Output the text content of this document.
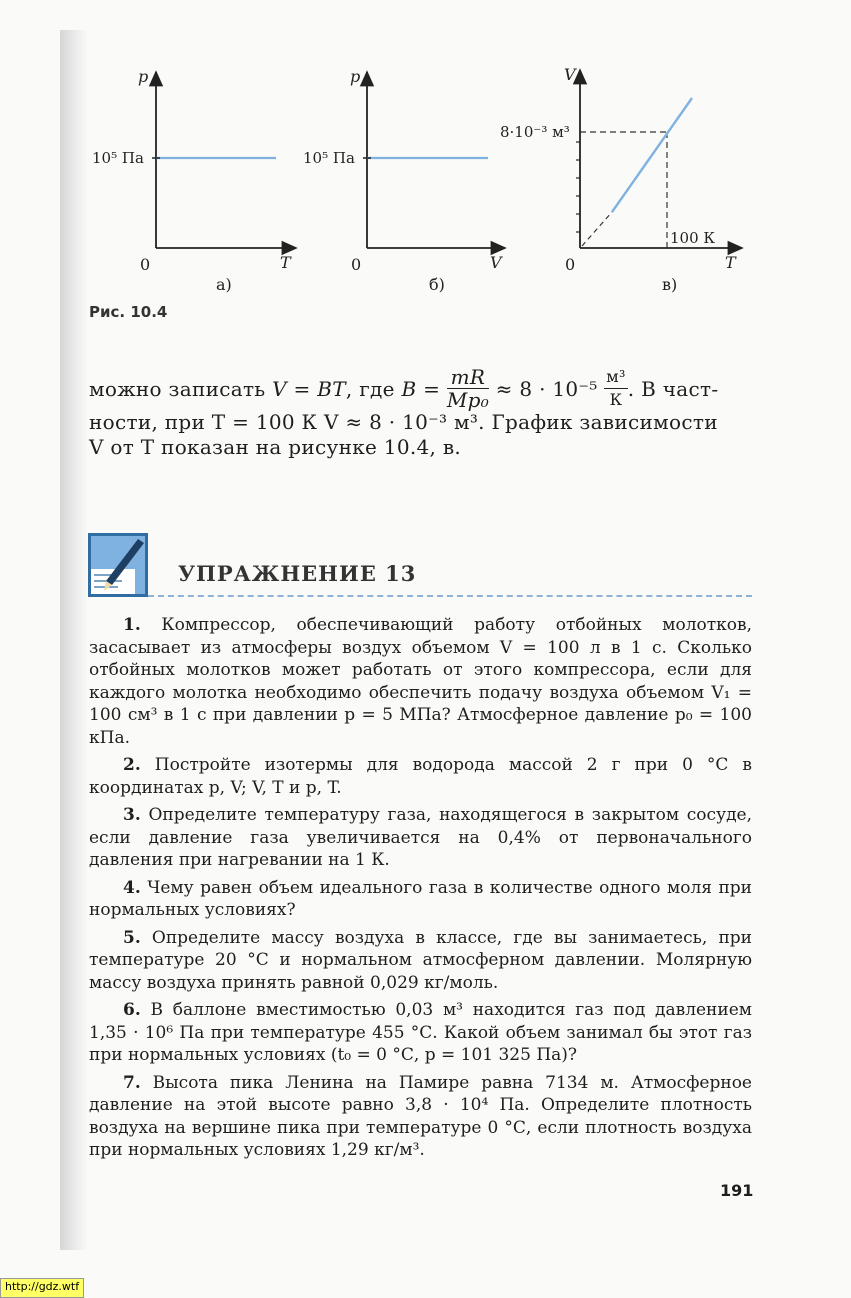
p
T
0
10⁵ Па
а)
p
V
0
10⁵ Па
б)
V
T
0
8·10⁻³ м³
100 К
в)
Рис. 10.4
можно записать V = BT, где $B = \frac{mR}{\text{Mp₀}} \approx 8 \cdot 10^{-5} \frac{\text{м³}}{К}$ . В част-
ности, при T = 100 К V ≈ 8 · 10⁻³ м³. График зависимости
V от T показан на рисунке 10.4, в.
УПРАЖНЕНИЕ 13

1. Компрессор, обеспечивающий работу отбойных молотков, засасывает из атмосферы воздух объемом V = 100 л в 1 с. Сколько отбойных молотков может работать от этого компрессора, если для каждого молотка необходимо обеспечить подачу воздуха объемом V₁ = 100 см³ в 1 с при давлении p = 5 МПа? Атмосферное давление p₀ = 100 кПа.

2. Постройте изотермы для водорода массой 2 г при 0 °С в координатах p, V; V, T и p, T.

3. Определите температуру газа, находящегося в закрытом сосуде, если давление газа увеличивается на 0,4% от первоначального давления при нагревании на 1 К.

4. Чему равен объем идеального газа в количестве одного моля при нормальных условиях?

5. Определите массу воздуха в классе, где вы занимаетесь, при температуре 20 °С и нормальном атмосферном давлении. Молярную массу воздуха принять равной 0,029 кг/моль.

6. В баллоне вместимостью 0,03 м³ находится газ под давлением 1,35 · 10⁶ Па при температуре 455 °С. Какой объем занимал бы этот газ при нормальных условиях (t₀ = 0 °С, p = 101 325 Па)?

7. Высота пика Ленина на Памире равна 7134 м. Атмосферное давление на этой высоте равно 3,8 · 10⁴ Па. Определите плотность воздуха на вершине пика при температуре 0 °С, если плотность воздуха при нормальных условиях 1,29 кг/м³.

191
http://gdz.wtf
